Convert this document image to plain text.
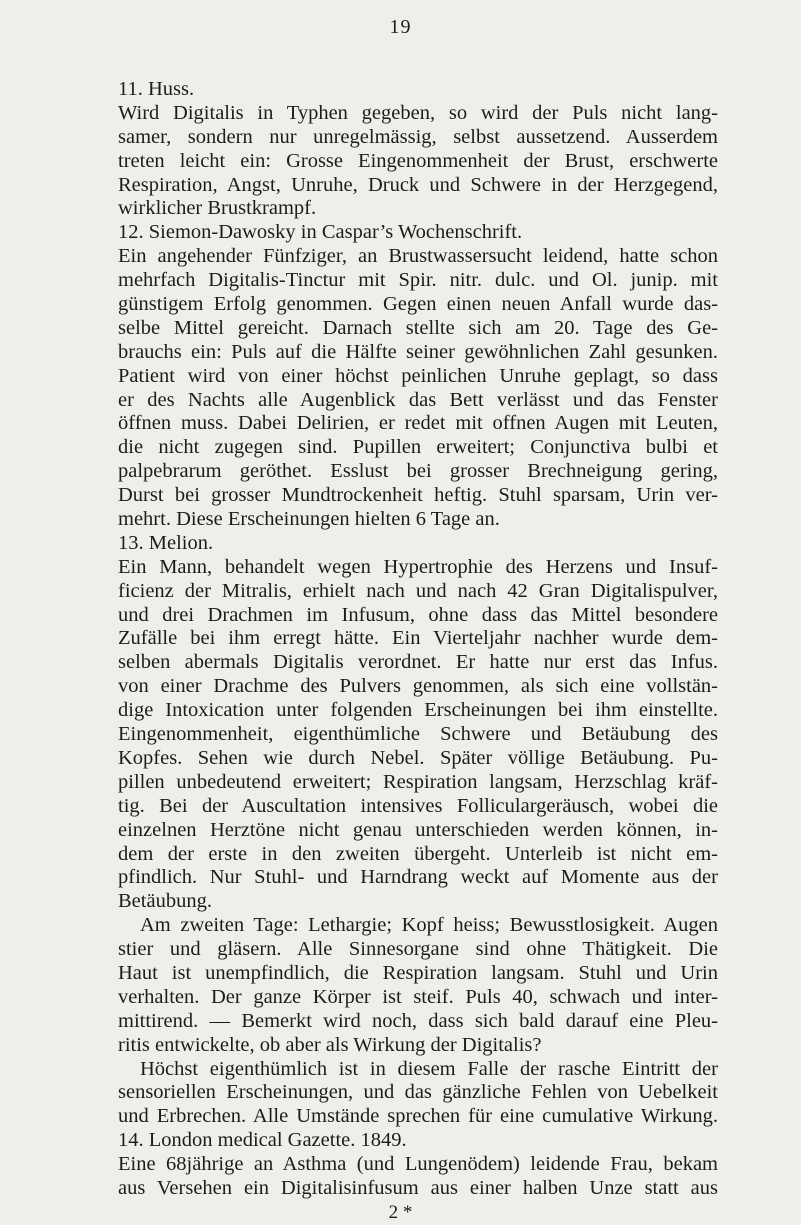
19
11. Huss.
Wird Digitalis in Typhen gegeben, so wird der Puls nicht lang-
samer, sondern nur unregelmässig, selbst aussetzend. Ausserdem
treten leicht ein: Grosse Eingenommenheit der Brust, erschwerte
Respiration, Angst, Unruhe, Druck und Schwere in der Herzgegend,
wirklicher Brustkrampf.
12. Siemon-Dawosky in Caspar’s Wochenschrift.
Ein angehender Fünfziger, an Brustwassersucht leidend, hatte schon
mehrfach Digitalis-Tinctur mit Spir. nitr. dulc. und Ol. junip. mit
günstigem Erfolg genommen. Gegen einen neuen Anfall wurde das-
selbe Mittel gereicht. Darnach stellte sich am 20. Tage des Ge-
brauchs ein: Puls auf die Hälfte seiner gewöhnlichen Zahl gesunken.
Patient wird von einer höchst peinlichen Unruhe geplagt, so dass
er des Nachts alle Augenblick das Bett verlässt und das Fenster
öffnen muss. Dabei Delirien, er redet mit offnen Augen mit Leuten,
die nicht zugegen sind. Pupillen erweitert; Conjunctiva bulbi et
palpebrarum geröthet. Esslust bei grosser Brechneigung gering,
Durst bei grosser Mundtrockenheit heftig. Stuhl sparsam, Urin ver-
mehrt. Diese Erscheinungen hielten 6 Tage an.
13. Melion.
Ein Mann, behandelt wegen Hypertrophie des Herzens und Insuf-
ficienz der Mitralis, erhielt nach und nach 42 Gran Digitalispulver,
und drei Drachmen im Infusum, ohne dass das Mittel besondere
Zufälle bei ihm erregt hätte. Ein Vierteljahr nachher wurde dem-
selben abermals Digitalis verordnet. Er hatte nur erst das Infus.
von einer Drachme des Pulvers genommen, als sich eine vollstän-
dige Intoxication unter folgenden Erscheinungen bei ihm einstellte.
Eingenommenheit, eigenthümliche Schwere und Betäubung des
Kopfes. Sehen wie durch Nebel. Später völlige Betäubung. Pu-
pillen unbedeutend erweitert; Respiration langsam, Herzschlag kräf-
tig. Bei der Auscultation intensives Folliculargeräusch, wobei die
einzelnen Herztöne nicht genau unterschieden werden können, in-
dem der erste in den zweiten übergeht. Unterleib ist nicht em-
pfindlich. Nur Stuhl- und Harndrang weckt auf Momente aus der
Betäubung.
Am zweiten Tage: Lethargie; Kopf heiss; Bewusstlosigkeit. Augen
stier und gläsern. Alle Sinnesorgane sind ohne Thätigkeit. Die
Haut ist unempfindlich, die Respiration langsam. Stuhl und Urin
verhalten. Der ganze Körper ist steif. Puls 40, schwach und inter-
mittirend. — Bemerkt wird noch, dass sich bald darauf eine Pleu-
ritis entwickelte, ob aber als Wirkung der Digitalis?
Höchst eigenthümlich ist in diesem Falle der rasche Eintritt der
sensoriellen Erscheinungen, und das gänzliche Fehlen von Uebelkeit
und Erbrechen. Alle Umstände sprechen für eine cumulative Wirkung.
14. London medical Gazette. 1849.
Eine 68jährige an Asthma (und Lungenödem) leidende Frau, bekam
aus Versehen ein Digitalisinfusum aus einer halben Unze statt aus
2 *
